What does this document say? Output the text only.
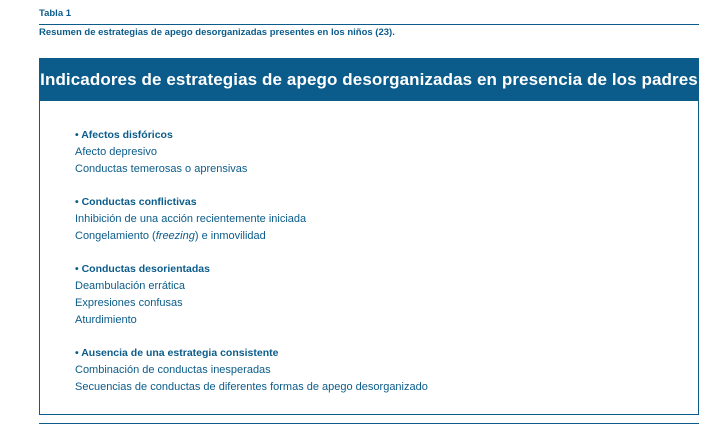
Tabla 1
Resumen de estrategias de apego desorganizadas presentes en los niños (23).
Indicadores de estrategias de apego desorganizadas en presencia de los padres
• Afectos disfóricos
Afecto depresivo
Conductas temerosas o aprensivas
• Conductas conflictivas
Inhibición de una acción recientemente iniciada
Congelamiento (freezing) e inmovilidad
• Conductas desorientadas
Deambulación errática
Expresiones confusas
Aturdimiento
• Ausencia de una estrategia consistente
Combinación de conductas inesperadas
Secuencias de conductas de diferentes formas de apego desorganizado
